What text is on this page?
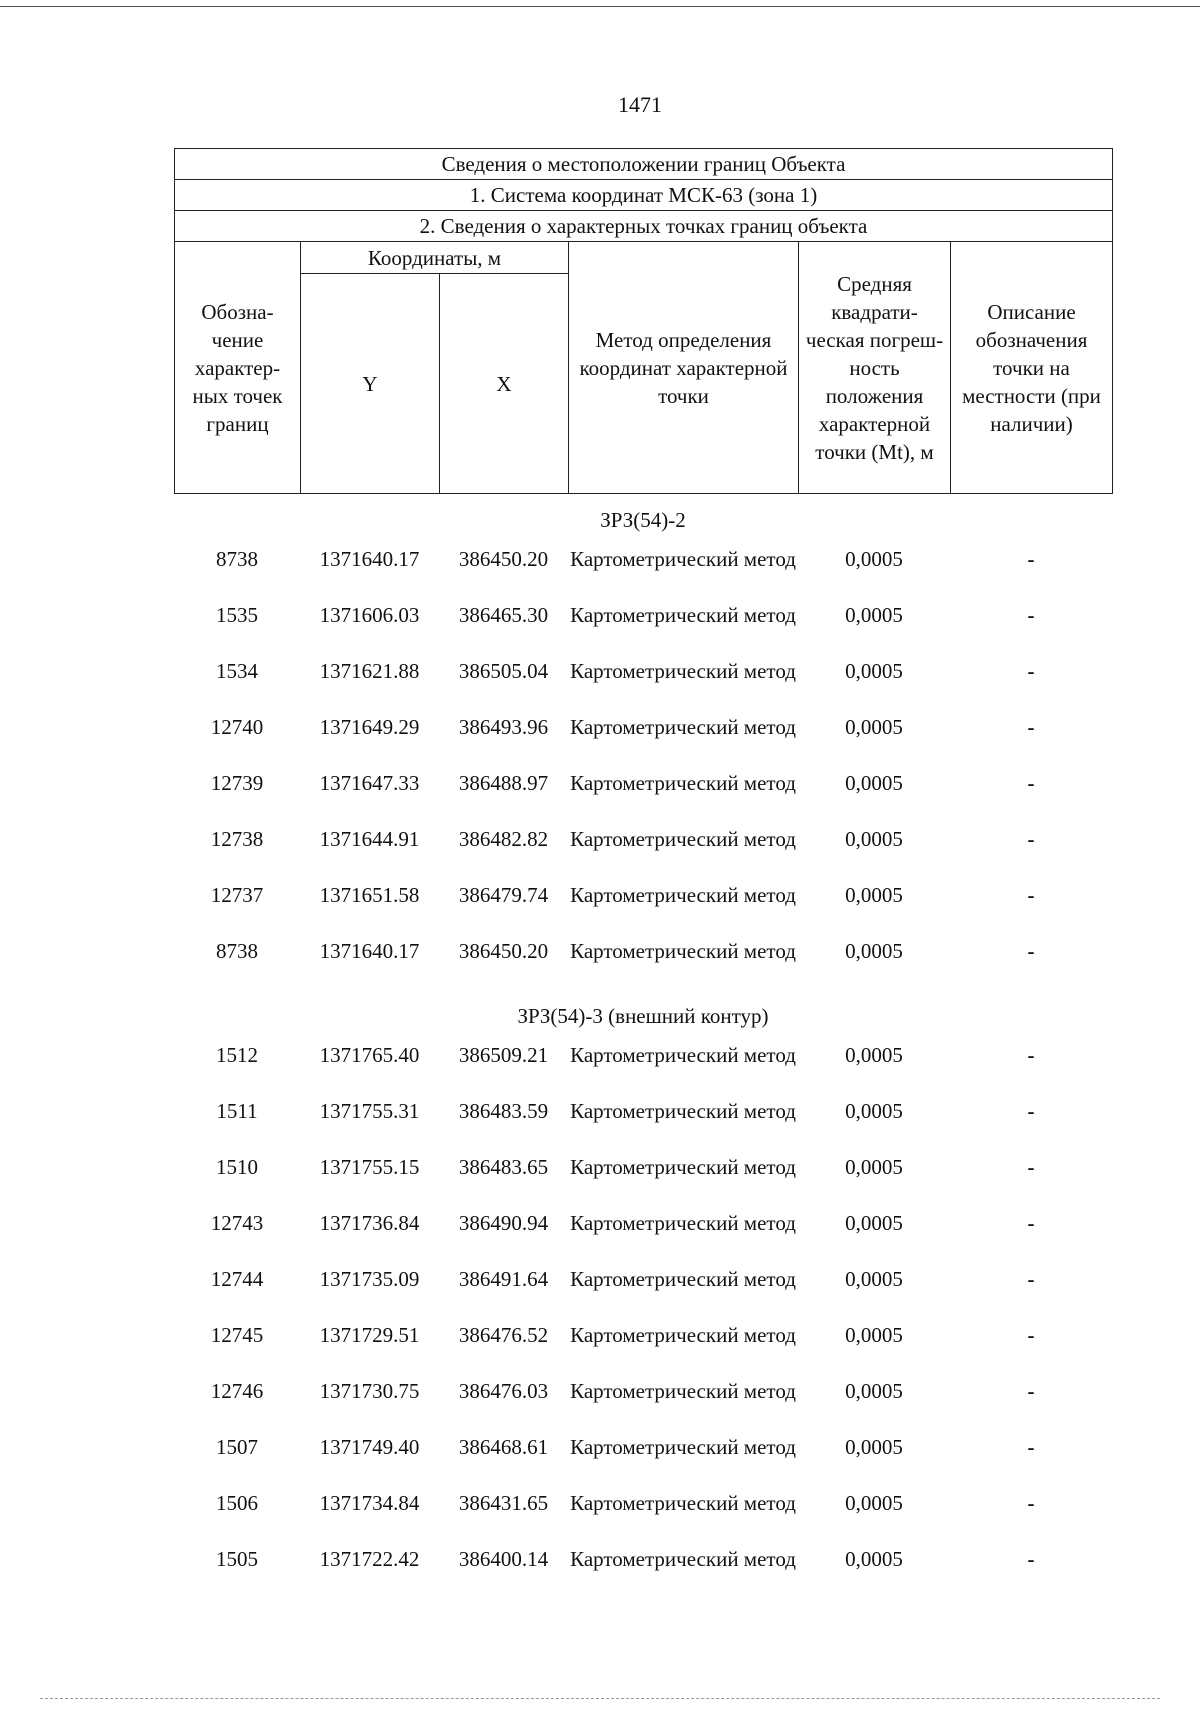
1471
Сведения о местоположении границ Объекта					
1. Система координат МСК-63 (зона 1)					
2. Сведения о характерных точках границ объекта					
Обозна-чение характер-ных точек границ	Координаты, м		Метод определения координат характерной точки	Средняя квадрати-ческая погреш-ность положения характерной точки (Mt), м	Описание обозначения точки на местности (при наличии)
	Y	X			
ЗРЗ(54)-2
8738	1371640.17	386450.20	Картометрический метод	0,0005	-
1535	1371606.03	386465.30	Картометрический метод	0,0005	-
1534	1371621.88	386505.04	Картометрический метод	0,0005	-
12740	1371649.29	386493.96	Картометрический метод	0,0005	-
12739	1371647.33	386488.97	Картометрический метод	0,0005	-
12738	1371644.91	386482.82	Картометрический метод	0,0005	-
12737	1371651.58	386479.74	Картометрический метод	0,0005	-
8738	1371640.17	386450.20	Картометрический метод	0,0005	-
ЗРЗ(54)-3 (внешний контур)
1512	1371765.40	386509.21	Картометрический метод	0,0005	-
1511	1371755.31	386483.59	Картометрический метод	0,0005	-
1510	1371755.15	386483.65	Картометрический метод	0,0005	-
12743	1371736.84	386490.94	Картометрический метод	0,0005	-
12744	1371735.09	386491.64	Картометрический метод	0,0005	-
12745	1371729.51	386476.52	Картометрический метод	0,0005	-
12746	1371730.75	386476.03	Картометрический метод	0,0005	-
1507	1371749.40	386468.61	Картометрический метод	0,0005	-
1506	1371734.84	386431.65	Картометрический метод	0,0005	-
1505	1371722.42	386400.14	Картометрический метод	0,0005	-
